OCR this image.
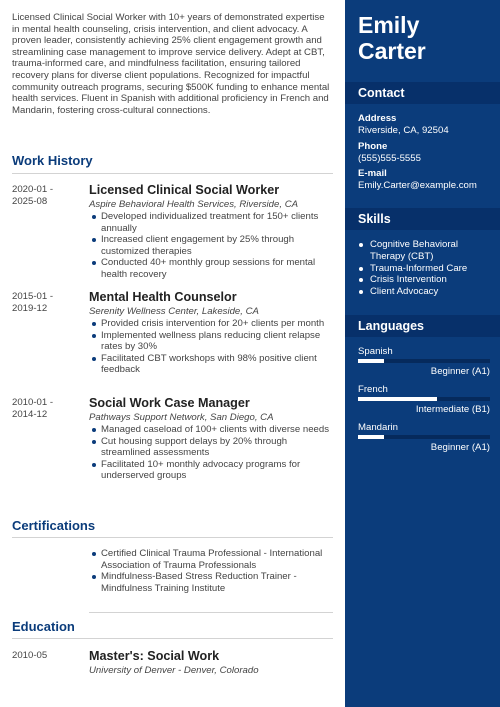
Licensed Clinical Social Worker with 10+ years of demonstrated expertise in mental health counseling, crisis intervention, and client advocacy. A proven leader, consistently achieving 25% client engagement growth and streamlining case management to improve service delivery. Adept at CBT, trauma-informed care, and mindfulness facilitation, ensuring tailored recovery plans for diverse client populations. Recognized for impactful community outreach programs, securing $500K funding to enhance mental health services. Fluent in Spanish with additional proficiency in French and Mandarin, fostering cross-cultural connections.

Work History
2020-01 -
2025-08
Licensed Clinical Social Worker
Aspire Behavioral Health Services, Riverside, CA
Developed individualized treatment for 150+ clients annually
Increased client engagement by 25% through customized therapies
Conducted 40+ monthly group sessions for mental health recovery
2015-01 -
2019-12
Mental Health Counselor
Serenity Wellness Center, Lakeside, CA
Provided crisis intervention for 20+ clients per month
Implemented wellness plans reducing client relapse rates by 30%
Facilitated CBT workshops with 98% positive client feedback
2010-01 -
2014-12
Social Work Case Manager
Pathways Support Network, San Diego, CA
Managed caseload of 100+ clients with diverse needs
Cut housing support delays by 20% through streamlined assessments
Facilitated 10+ monthly advocacy programs for underserved groups
Certifications
Certified Clinical Trauma Professional - International Association of Trauma Professionals
Mindfulness-Based Stress Reduction Trainer - Mindfulness Training Institute
Education
2010-05	Master's: Social Work
University of Denver - Denver, Colorado
Emily
Carter
Contact
Address
Riverside, CA, 92504
Phone
(555)555-5555
E-mail
Emily.Carter@example.com
Skills
Cognitive Behavioral Therapy (CBT)
Trauma-Informed Care
Crisis Intervention
Client Advocacy
Languages
Spanish
Beginner (A1)
French
Intermediate (B1)
Mandarin
Beginner (A1)
